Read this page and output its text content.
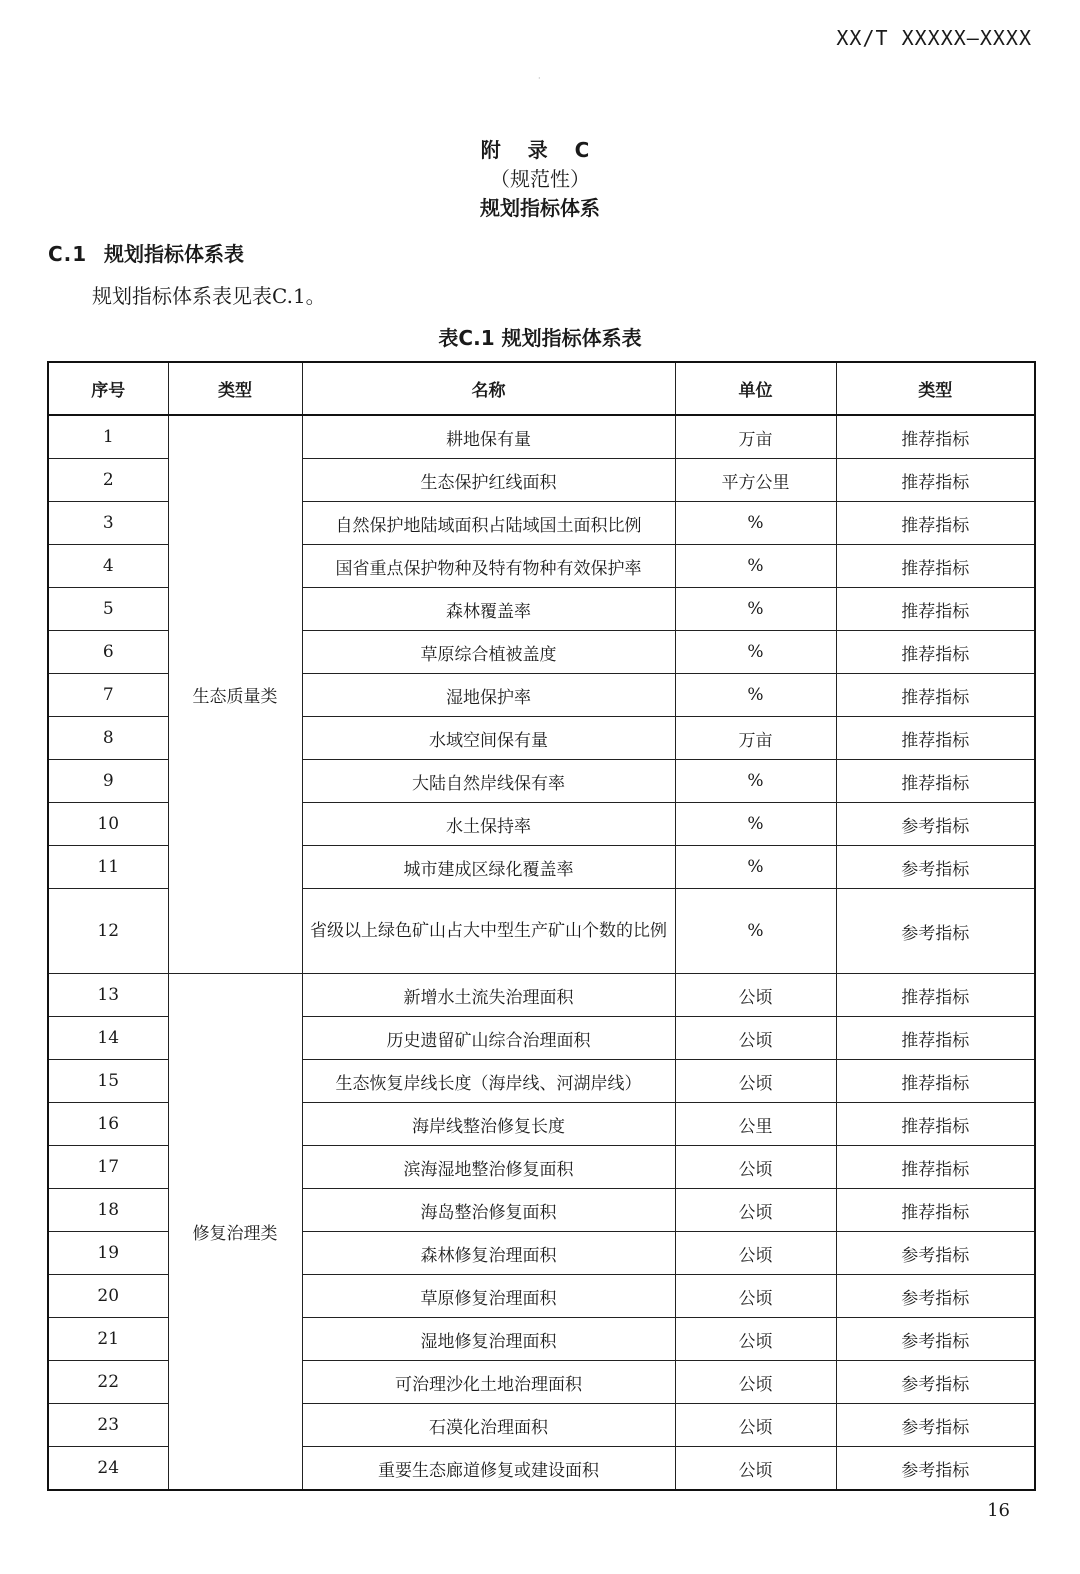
XX/T XXXXX—XXXX
·
附 录 C
（规范性）
规划指标体系
C.1 规划指标体系表
规划指标体系表见表C.1。
表C.1 规划指标体系表
序号	类型	名称	单位	类型
1	生态质量类	耕地保有量	万亩	推荐指标
2		生态保护红线面积	平方公里	推荐指标
3		自然保护地陆域面积占陆域国土面积比例	%	推荐指标
4		国省重点保护物种及特有物种有效保护率	%	推荐指标
5		森林覆盖率	%	推荐指标
6		草原综合植被盖度	%	推荐指标
7		湿地保护率	%	推荐指标
8		水域空间保有量	万亩	推荐指标
9		大陆自然岸线保有率	%	推荐指标
10		水土保持率	%	参考指标
11		城市建成区绿化覆盖率	%	参考指标
12		省级以上绿色矿山占大中型生产矿山个数的比例	%	参考指标
13	修复治理类	新增水土流失治理面积	公顷	推荐指标
14		历史遗留矿山综合治理面积	公顷	推荐指标
15		生态恢复岸线长度（海岸线、河湖岸线）	公顷	推荐指标
16		海岸线整治修复长度	公里	推荐指标
17		滨海湿地整治修复面积	公顷	推荐指标
18		海岛整治修复面积	公顷	推荐指标
19		森林修复治理面积	公顷	参考指标
20		草原修复治理面积	公顷	参考指标
21		湿地修复治理面积	公顷	参考指标
22		可治理沙化土地治理面积	公顷	参考指标
23		石漠化治理面积	公顷	参考指标
24		重要生态廊道修复或建设面积	公顷	参考指标
16
